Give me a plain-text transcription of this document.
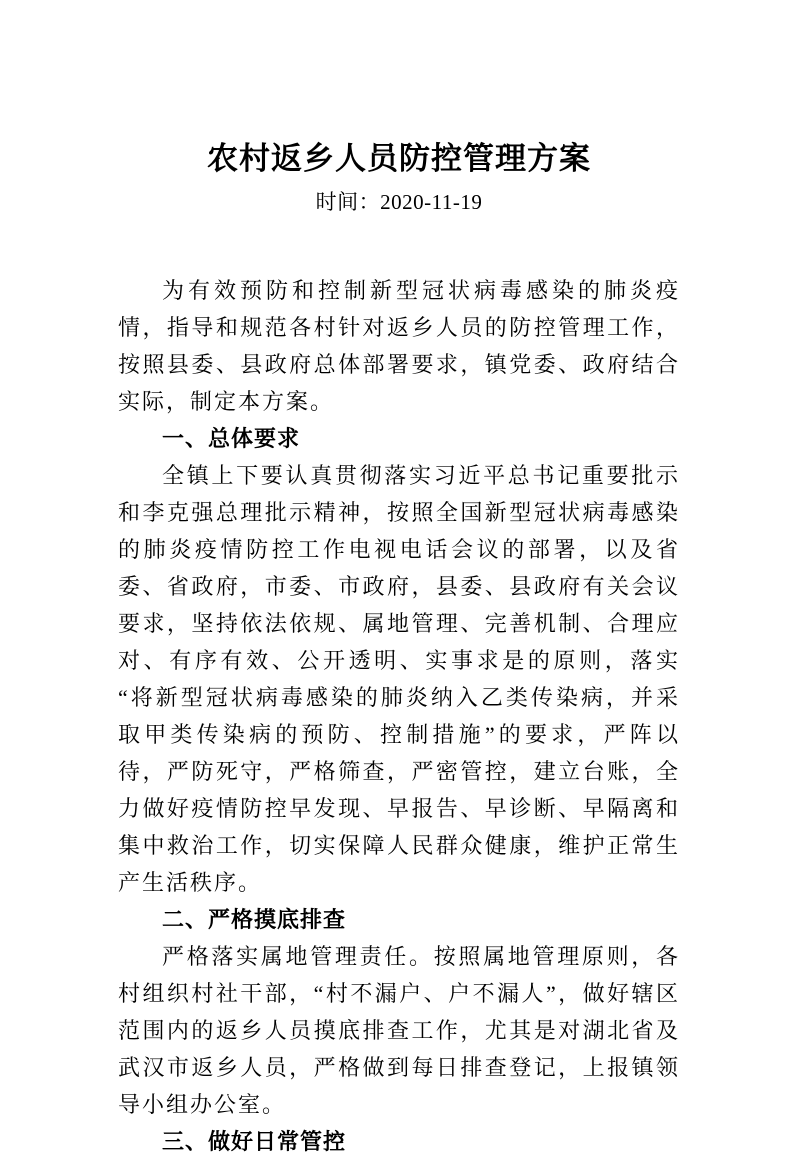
农村返乡人员防控管理方案
时间：2020-11-19

为有效预防和控制新型冠状病毒感染的肺炎疫情，指导和规范各村针对返乡人员的防控管理工作，按照县委、县政府总体部署要求，镇党委、政府结合实际，制定本方案。

一、总体要求

全镇上下要认真贯彻落实习近平总书记重要批示和李克强总理批示精神，按照全国新型冠状病毒感染的肺炎疫情防控工作电视电话会议的部署，以及省委、省政府，市委、市政府，县委、县政府有关会议要求，坚持依法依规、属地管理、完善机制、合理应对、有序有效、公开透明、实事求是的原则，落实“将新型冠状病毒感染的肺炎纳入乙类传染病，并采取甲类传染病的预防、控制措施”的要求，严阵以待，严防死守，严格筛查，严密管控，建立台账，全力做好疫情防控早发现、早报告、早诊断、早隔离和集中救治工作，切实保障人民群众健康，维护正常生产生活秩序。

二、严格摸底排查

严格落实属地管理责任。按照属地管理原则，各村组织村社干部，“村不漏户、户不漏人”，做好辖区范围内的返乡人员摸底排查工作，尤其是对湖北省及武汉市返乡人员，严格做到每日排查登记，上报镇领导小组办公室。

三、做好日常管控
